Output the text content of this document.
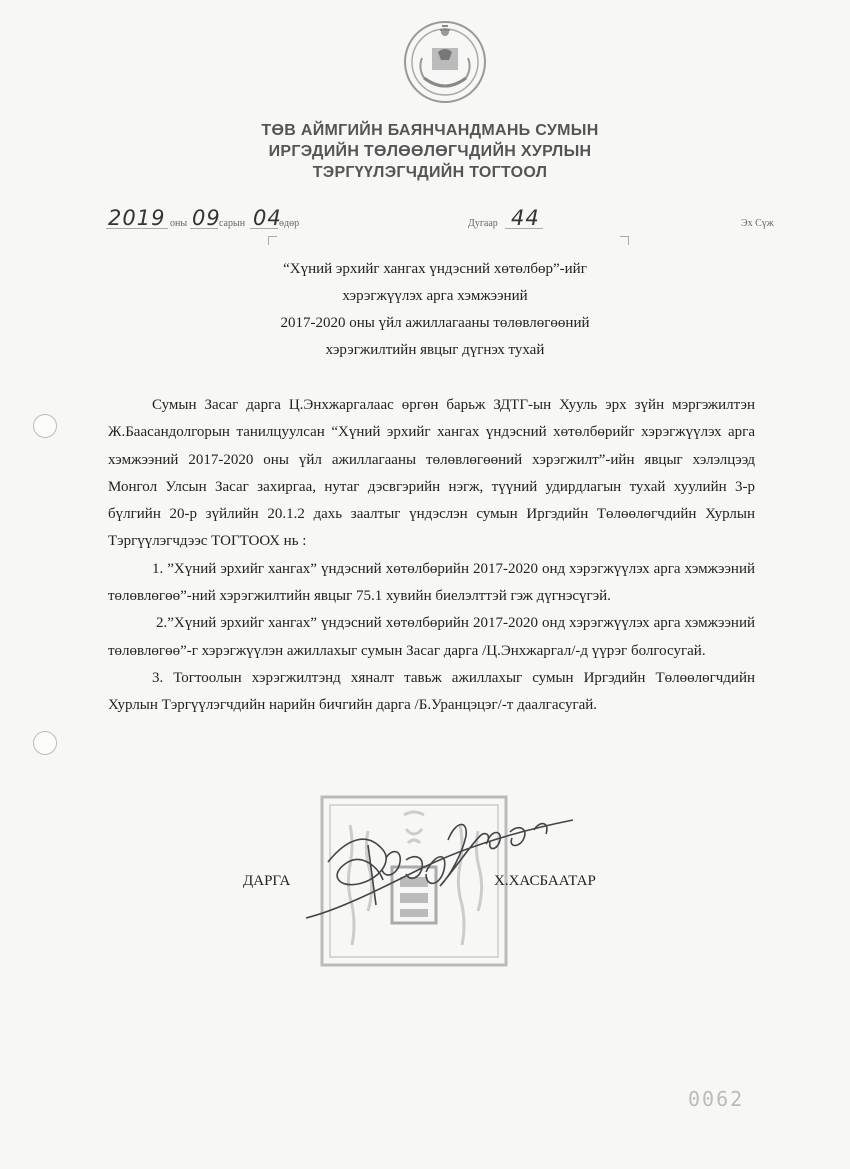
ТӨВ АЙМГИЙН БАЯНЧАНДМАНЬ СУМЫН
ИРГЭДИЙН ТӨЛӨӨЛӨГЧДИЙН ХУРЛЫН
ТЭРГҮҮЛЭГЧДИЙН ТОГТООЛ
2019 оны 09
сарын 04
өдөр	Дугаар 44	Эх Сүж
“Хүний эрхийг хангах үндэсний хөтөлбөр”-ийг
хэрэгжүүлэх арга хэмжээний
2017-2020 оны үйл ажиллагааны төлөвлөгөөний
хэрэгжилтийн явцыг дүгнэх тухай

Сумын Засаг дарга Ц.Энхжаргалаас өргөн барьж ЗДТГ-ын Хууль эрх зүйн мэргэжилтэн Ж.Баасандолгорын танилцуулсан “Хүний эрхийг хангах үндэсний хөтөлбөрийг хэрэгжүүлэх арга хэмжээний 2017-2020 оны үйл ажиллагааны төлөвлөгөөний хэрэгжилт”-ийн явцыг хэлэлцээд Монгол Улсын Засаг захиргаа, нутаг дэсвгэрийн нэгж, түүний удирдлагын тухай хуулийн 3-р бүлгийн 20-р зүйлийн 20.1.2 дахь заалтыг үндэслэн сумын Иргэдийн Төлөөлөгчдийн Хурлын Тэргүүлэгчдээс ТОГТООХ нь :

1. ”Хүний эрхийг хангах” үндэсний хөтөлбөрийн 2017-2020 онд хэрэгжүүлэх арга хэмжээний төлөвлөгөө”-ний хэрэгжилтийн явцыг 75.1 хувийн биелэлттэй гэж дүгнэсүгэй.

2.”Хүний эрхийг хангах” үндэсний хөтөлбөрийн 2017-2020 онд хэрэгжүүлэх арга хэмжээний төлөвлөгөө”-г хэрэгжүүлэн ажиллахыг сумын Засаг дарга /Ц.Энхжаргал/-д үүрэг болгосугай.

3. Тогтоолын хэрэгжилтэнд хяналт тавьж ажиллахыг сумын Иргэдийн Төлөөлөгчдийн Хурлын Тэргүүлэгчдийн нарийн бичгийн дарга /Б.Уранцэцэг/-т даалгасугай.

ДАРГА	Х.ХАСБААТАР
0062
